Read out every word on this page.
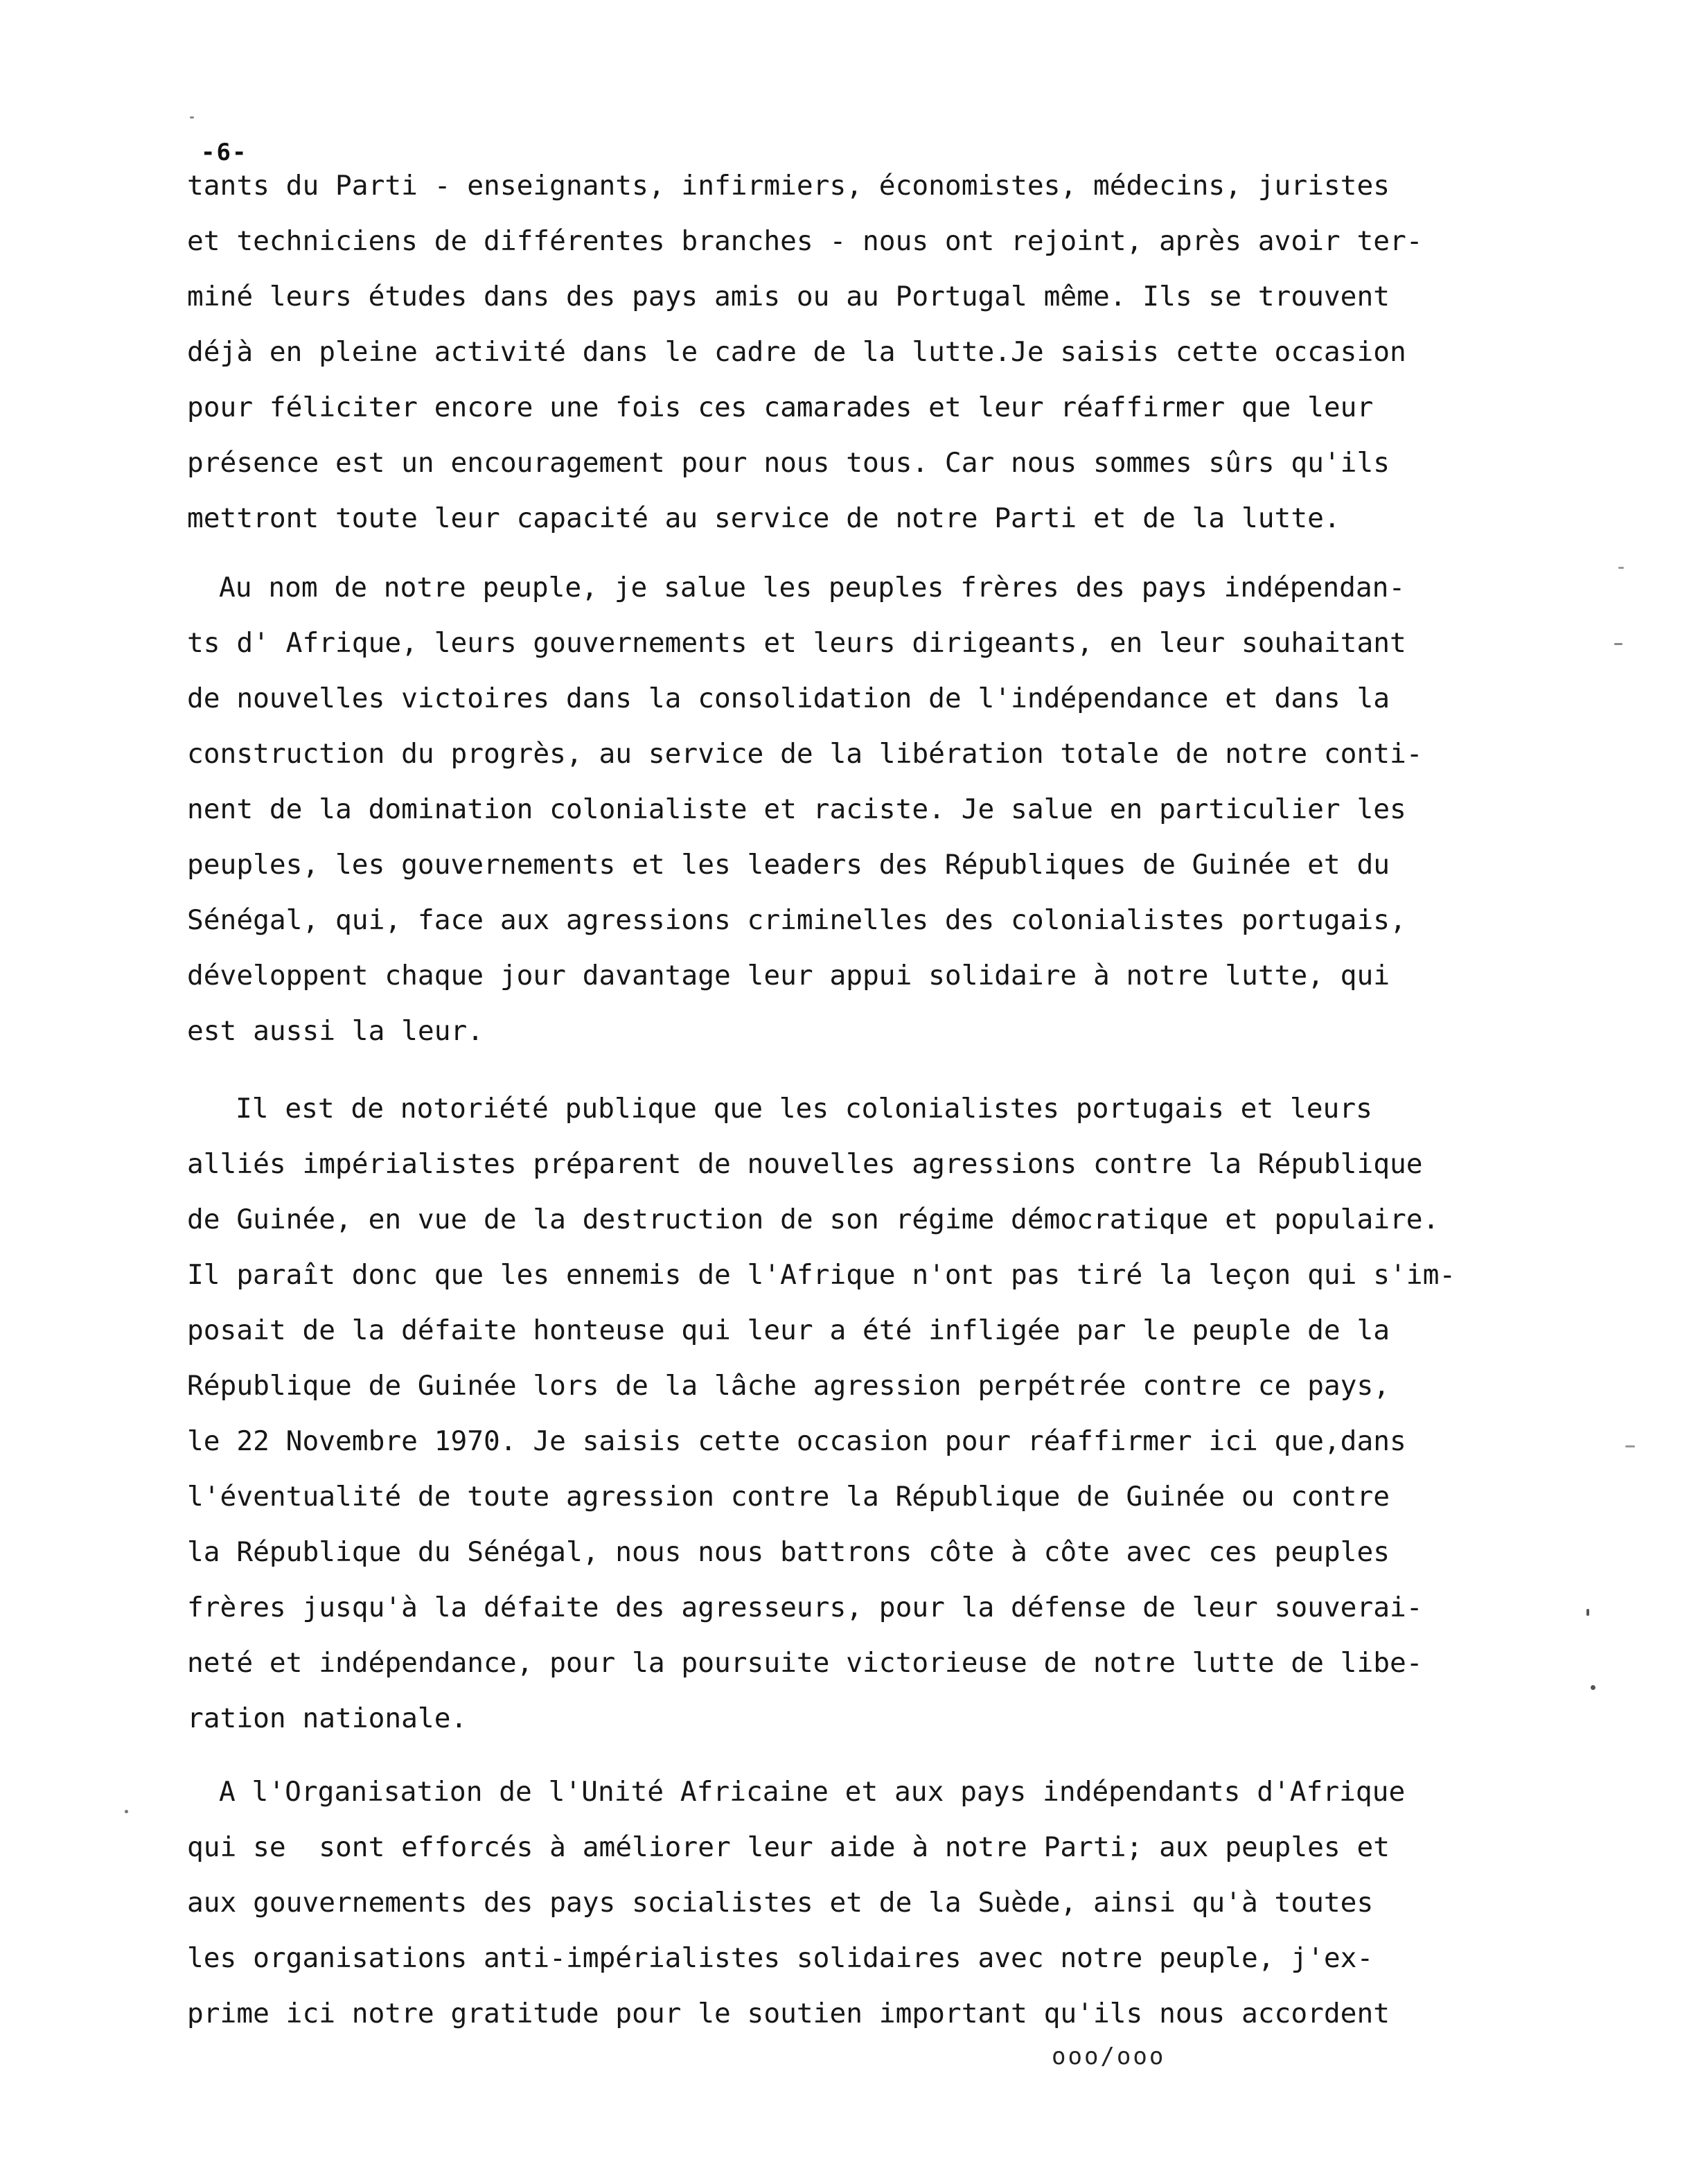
-6-
tants du Parti - enseignants, infirmiers, économistes, médecins, juristes
et techniciens de différentes branches - nous ont rejoint, après avoir ter-
miné leurs études dans des pays amis ou au Portugal même. Ils se trouvent
déjà en pleine activité dans le cadre de la lutte.Je saisis cette occasion
pour féliciter encore une fois ces camarades et leur réaffirmer que leur
présence est un encouragement pour nous tous. Car nous sommes sûrs qu'ils
mettront toute leur capacité au service de notre Parti et de la lutte.
Au nom de notre peuple, je salue les peuples frères des pays indépendan-
ts d' Afrique, leurs gouvernements et leurs dirigeants, en leur souhaitant
de nouvelles victoires dans la consolidation de l'indépendance et dans la
construction du progrès, au service de la libération totale de notre conti-
nent de la domination colonialiste et raciste. Je salue en particulier les
peuples, les gouvernements et les leaders des Républiques de Guinée et du
Sénégal, qui, face aux agressions criminelles des colonialistes portugais,
développent chaque jour davantage leur appui solidaire à notre lutte, qui
est aussi la leur.
Il est de notoriété publique que les colonialistes portugais et leurs
alliés impérialistes préparent de nouvelles agressions contre la République
de Guinée, en vue de la destruction de son régime démocratique et populaire.
Il paraît donc que les ennemis de l'Afrique n'ont pas tiré la leçon qui s'im-
posait de la défaite honteuse qui leur a été infligée par le peuple de la
République de Guinée lors de la lâche agression perpétrée contre ce pays,
le 22 Novembre 1970. Je saisis cette occasion pour réaffirmer ici que,dans
l'éventualité de toute agression contre la République de Guinée ou contre
la République du Sénégal, nous nous battrons côte à côte avec ces peuples
frères jusqu'à la défaite des agresseurs, pour la défense de leur souverai-
neté et indépendance, pour la poursuite victorieuse de notre lutte de libe-
ration nationale.
A l'Organisation de l'Unité Africaine et aux pays indépendants d'Afrique
qui se  sont efforcés à améliorer leur aide à notre Parti; aux peuples et
aux gouvernements des pays socialistes et de la Suède, ainsi qu'à toutes
les organisations anti-impérialistes solidaires avec notre peuple, j'ex-
prime ici notre gratitude pour le soutien important qu'ils nous accordent
ooo/ooo
